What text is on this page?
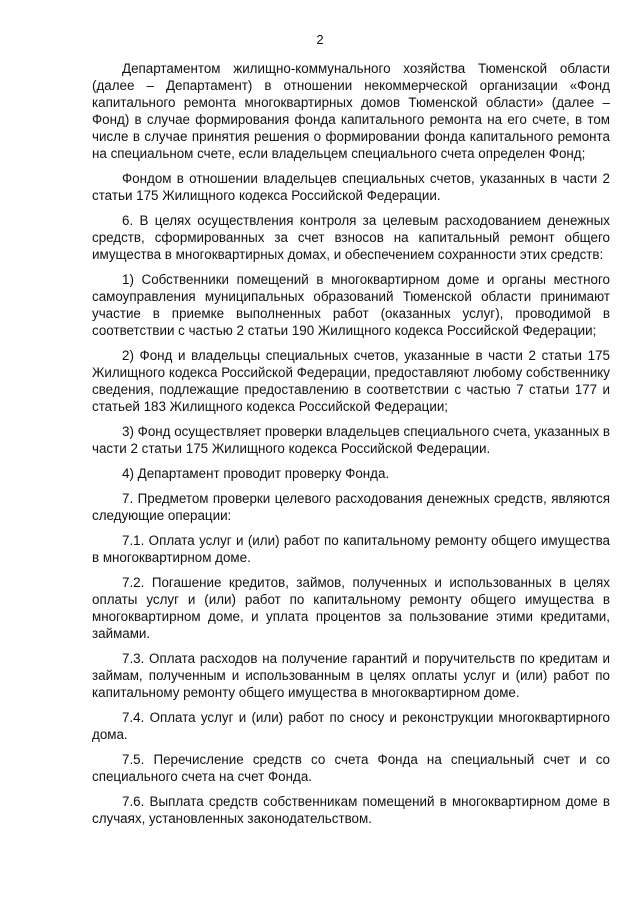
2

Департаментом жилищно-коммунального хозяйства Тюменской области (далее – Департамент) в отношении некоммерческой организации «Фонд капитального ремонта многоквартирных домов Тюменской области» (далее – Фонд) в случае формирования фонда капитального ремонта на его счете, в том числе в случае принятия решения о формировании фонда капитального ремонта на специальном счете, если владельцем специального счета определен Фонд;

Фондом в отношении владельцев специальных счетов, указанных в части 2 статьи 175 Жилищного кодекса Российской Федерации.

6. В целях осуществления контроля за целевым расходованием денежных средств, сформированных за счет взносов на капитальный ремонт общего имущества в многоквартирных домах, и обеспечением сохранности этих средств:

1) Собственники помещений в многоквартирном доме и органы местного самоуправления муниципальных образований Тюменской области принимают участие в приемке выполненных работ (оказанных услуг), проводимой в соответствии с частью 2 статьи 190 Жилищного кодекса Российской Федерации;

2) Фонд и владельцы специальных счетов, указанные в части 2 статьи 175 Жилищного кодекса Российской Федерации, предоставляют любому собственнику сведения, подлежащие предоставлению в соответствии с частью 7 статьи 177 и статьей 183 Жилищного кодекса Российской Федерации;

3) Фонд осуществляет проверки владельцев специального счета, указанных в части 2 статьи 175 Жилищного кодекса Российской Федерации.

4) Департамент проводит проверку Фонда.

7. Предметом проверки целевого расходования денежных средств, являются следующие операции:

7.1. Оплата услуг и (или) работ по капитальному ремонту общего имущества в многоквартирном доме.

7.2. Погашение кредитов, займов, полученных и использованных в целях оплаты услуг и (или) работ по капитальному ремонту общего имущества в многоквартирном доме, и уплата процентов за пользование этими кредитами, займами.

7.3. Оплата расходов на получение гарантий и поручительств по кредитам и займам, полученным и использованным в целях оплаты услуг и (или) работ по капитальному ремонту общего имущества в многоквартирном доме.

7.4. Оплата услуг и (или) работ по сносу и реконструкции многоквартирного дома.

7.5. Перечисление средств со счета Фонда на специальный счет и со специального счета на счет Фонда.

7.6. Выплата средств собственникам помещений в многоквартирном доме в случаях, установленных законодательством.
